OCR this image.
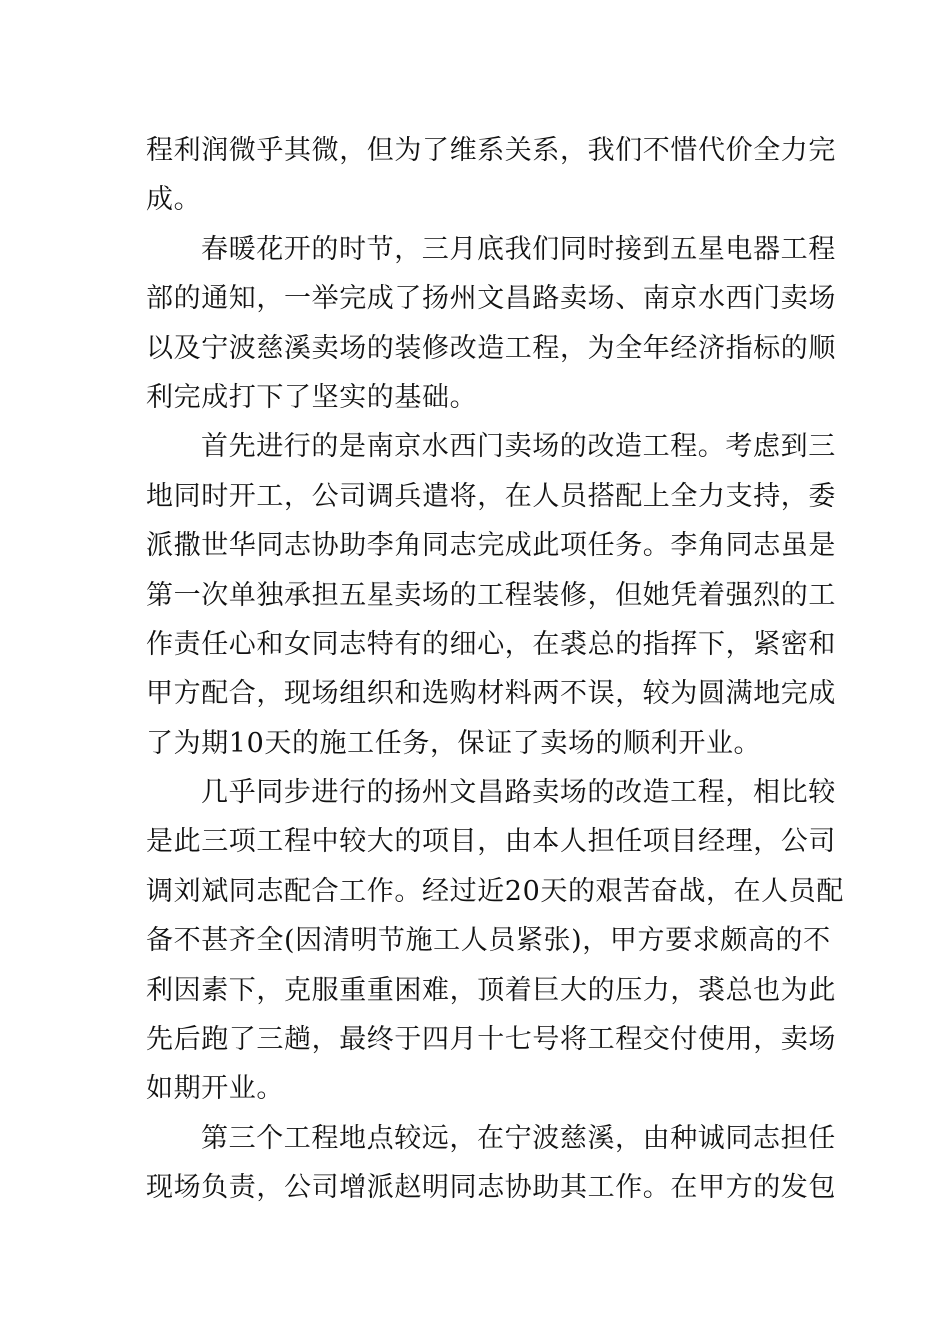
程利润微乎其微，但为了维系关系，我们不惜代价全力完
成。
春暖花开的时节，三月底我们同时接到五星电器工程
部的通知，一举完成了扬州文昌路卖场、南京水西门卖场
以及宁波慈溪卖场的装修改造工程，为全年经济指标的顺
利完成打下了坚实的基础。
首先进行的是南京水西门卖场的改造工程。考虑到三
地同时开工，公司调兵遣将，在人员搭配上全力支持，委
派撒世华同志协助李角同志完成此项任务。李角同志虽是
第一次单独承担五星卖场的工程装修，但她凭着强烈的工
作责任心和女同志特有的细心，在裘总的指挥下，紧密和
甲方配合，现场组织和选购材料两不误，较为圆满地完成
了为期10天的施工任务，保证了卖场的顺利开业。
几乎同步进行的扬州文昌路卖场的改造工程，相比较
是此三项工程中较大的项目，由本人担任项目经理，公司
调刘斌同志配合工作。经过近20天的艰苦奋战，在人员配
备不甚齐全(因清明节施工人员紧张)，甲方要求颇高的不
利因素下，克服重重困难，顶着巨大的压力，裘总也为此
先后跑了三趟，最终于四月十七号将工程交付使用，卖场
如期开业。
第三个工程地点较远，在宁波慈溪，由种诚同志担任
现场负责，公司增派赵明同志协助其工作。在甲方的发包
